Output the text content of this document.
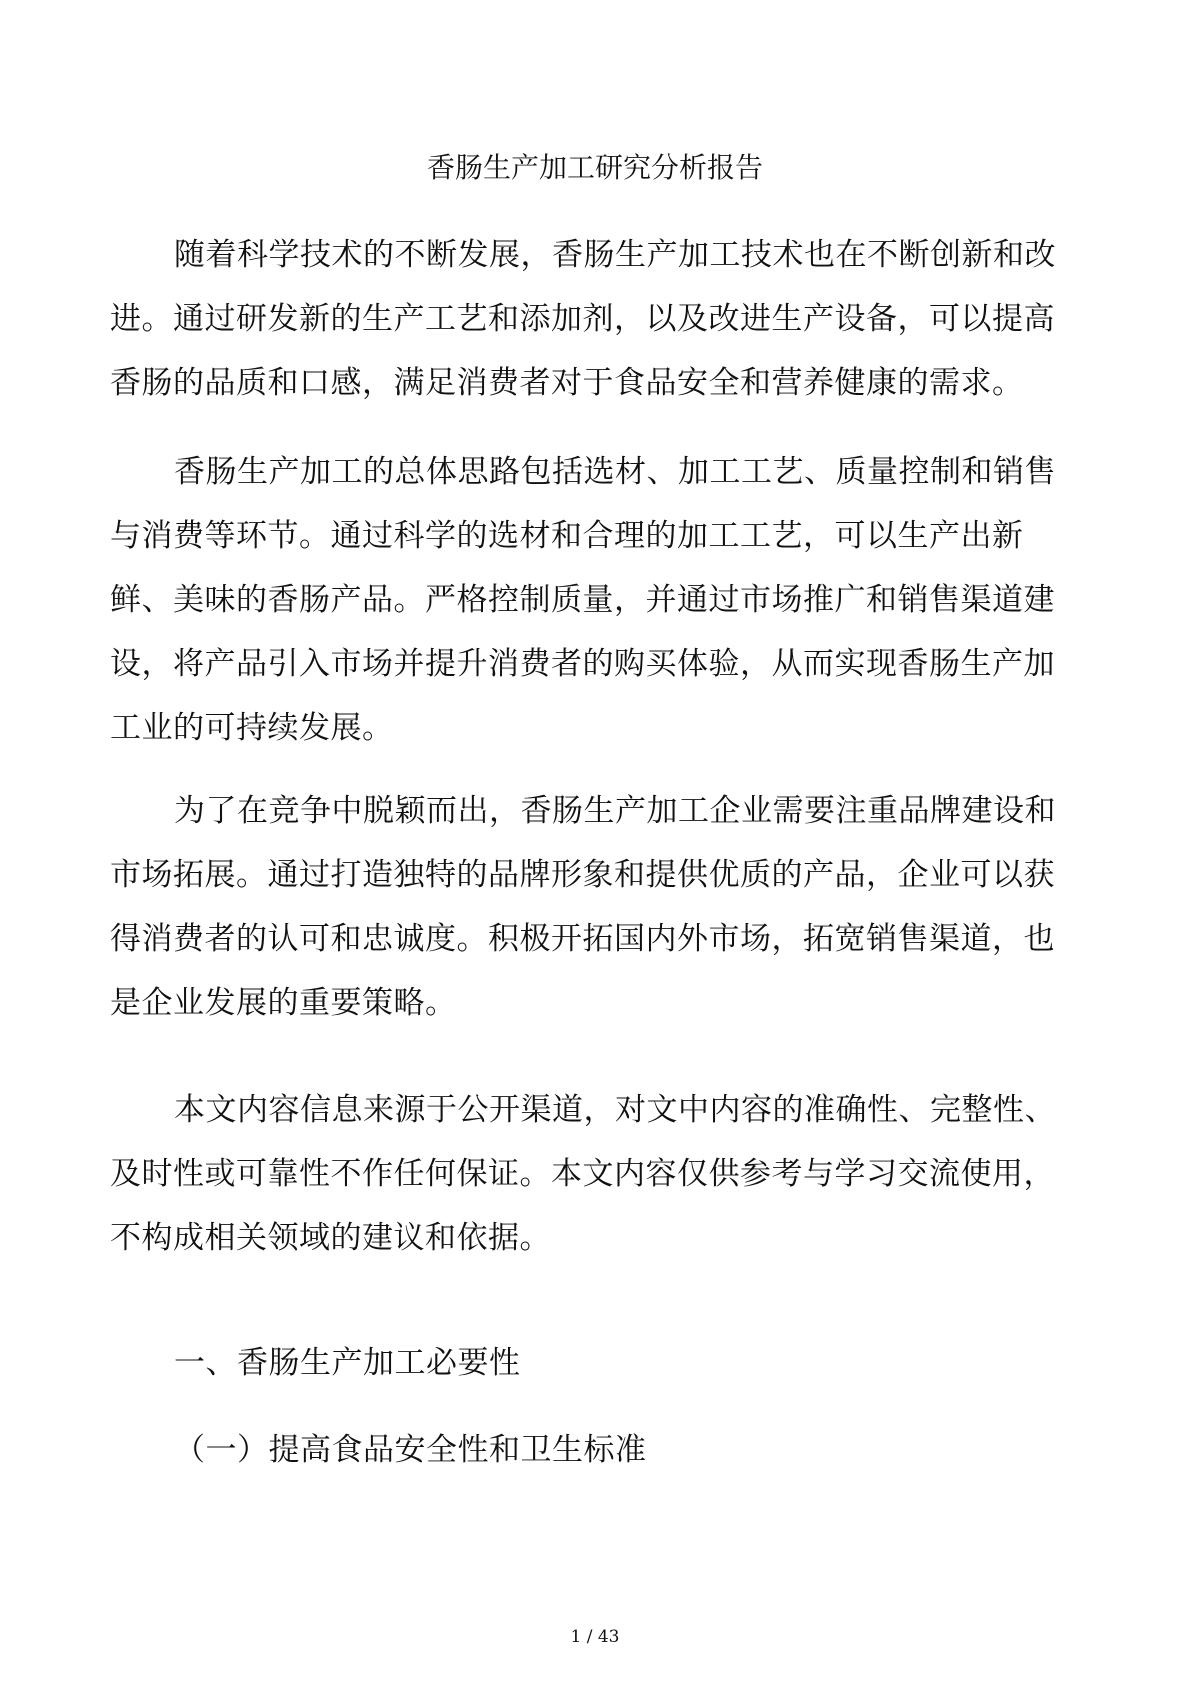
香肠生产加工研究分析报告

随着科学技术的不断发展，香肠生产加工技术也在不断创新和改进。通过研发新的生产工艺和添加剂，以及改进生产设备，可以提高香肠的品质和口感，满足消费者对于食品安全和营养健康的需求。

香肠生产加工的总体思路包括选材、加工工艺、质量控制和销售与消费等环节。通过科学的选材和合理的加工工艺，可以生产出新鲜、美味的香肠产品。严格控制质量，并通过市场推广和销售渠道建设，将产品引入市场并提升消费者的购买体验，从而实现香肠生产加工业的可持续发展。

为了在竞争中脱颖而出，香肠生产加工企业需要注重品牌建设和市场拓展。通过打造独特的品牌形象和提供优质的产品，企业可以获得消费者的认可和忠诚度。积极开拓国内外市场，拓宽销售渠道，也是企业发展的重要策略。

本文内容信息来源于公开渠道，对文中内容的准确性、完整性、及时性或可靠性不作任何保证。本文内容仅供参考与学习交流使用，不构成相关领域的建议和依据。

一、香肠生产加工必要性
（一）提高食品安全性和卫生标准
1 / 43
